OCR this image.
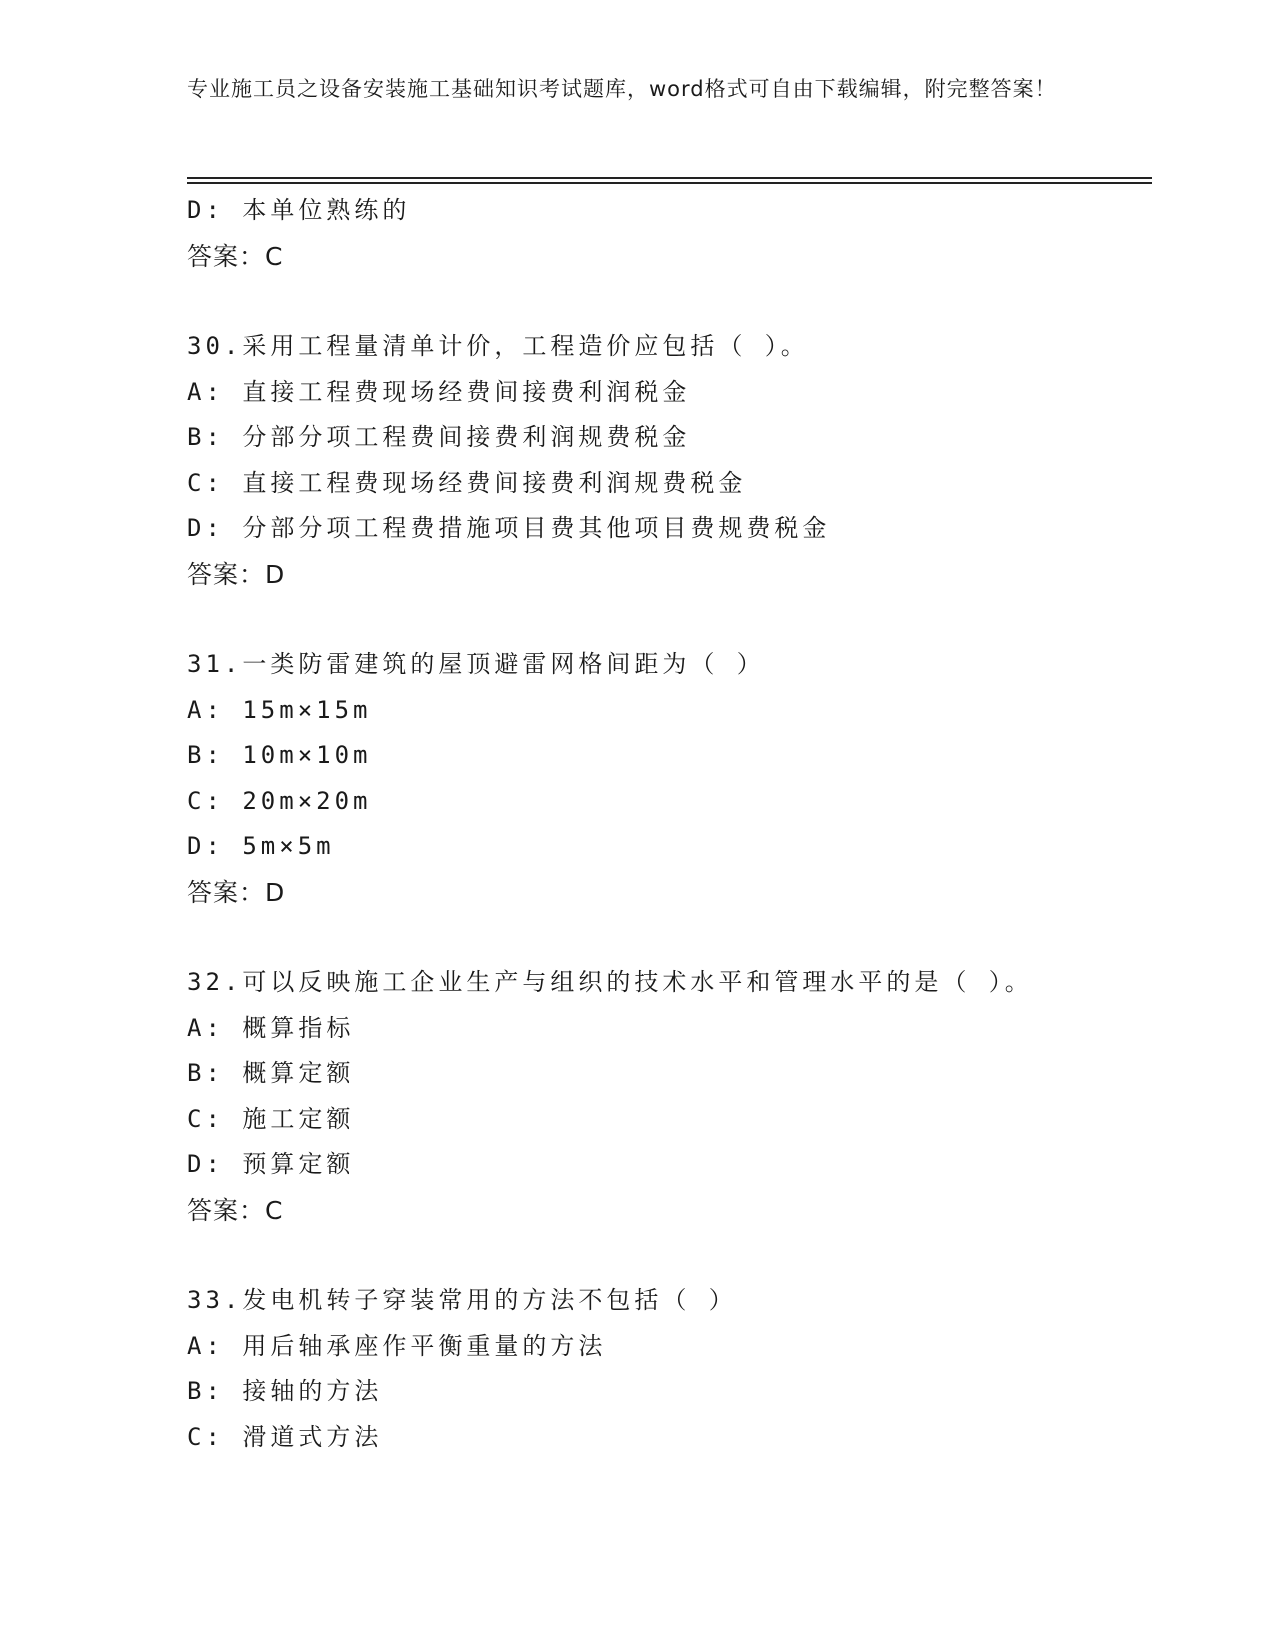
专业施工员之设备安装施工基础知识考试题库，word格式可自由下载编辑，附完整答案！
D: 本单位熟练的
答案：C
30.采用工程量清单计价，工程造价应包括（ ）。
A: 直接工程费现场经费间接费利润税金
B: 分部分项工程费间接费利润规费税金
C: 直接工程费现场经费间接费利润规费税金
D: 分部分项工程费措施项目费其他项目费规费税金
答案：D
31.一类防雷建筑的屋顶避雷网格间距为（ ）
A: 15m×15m
B: 10m×10m
C: 20m×20m
D: 5m×5m
答案：D
32.可以反映施工企业生产与组织的技术水平和管理水平的是（ ）。
A: 概算指标
B: 概算定额
C: 施工定额
D: 预算定额
答案：C
33.发电机转子穿装常用的方法不包括（ ）
A: 用后轴承座作平衡重量的方法
B: 接轴的方法
C: 滑道式方法
